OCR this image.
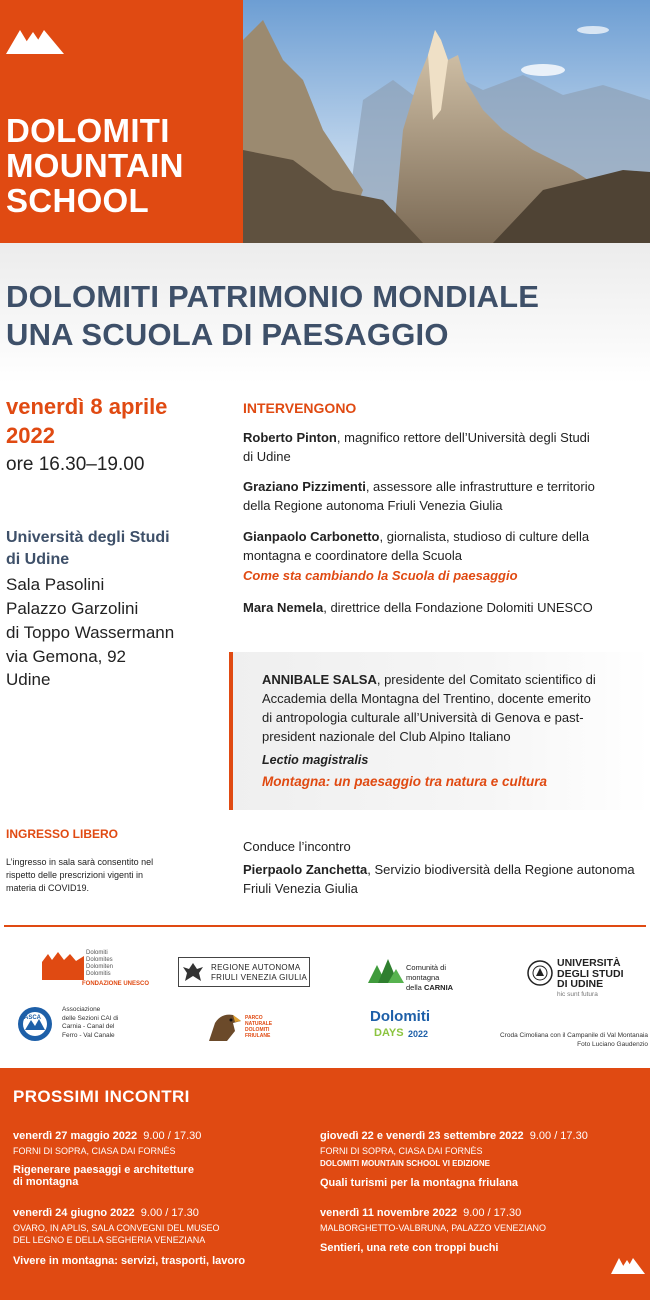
DOLOMITI
MOUNTAIN
SCHOOL
DOLOMITI PATRIMONIO MONDIALE
UNA SCUOLA DI PAESAGGIO
venerdì 8 aprile
2022
ore 16.30–19.00
Università degli Studi
di Udine
Sala Pasolini
Palazzo Garzolini
di Toppo Wassermann
via Gemona, 92
Udine
INTERVENGONO
Roberto Pinton, magnifico rettore dell’Università degli Studi
di Udine
Graziano Pizzimenti, assessore alle infrastrutture e territorio
della Regione autonoma Friuli Venezia Giulia
Gianpaolo Carbonetto, giornalista, studioso di culture della
montagna e coordinatore della Scuola
Come sta cambiando la Scuola di paesaggio
Mara Nemela, direttrice della Fondazione Dolomiti UNESCO
ANNIBALE SALSA, presidente del Comitato scientifico di
Accademia della Montagna del Trentino, docente emerito
di antropologia culturale all’Università di Genova e past-
president nazionale del Club Alpino Italiano
Lectio magistralis
Montagna: un paesaggio tra natura e cultura
INGRESSO LIBERO
L’ingresso in sala sarà consentito nel
rispetto delle prescrizioni vigenti in
materia di COVID19.
Conduce l’incontro
Pierpaolo Zanchetta, Servizio biodiversità della Regione autonoma
Friuli Venezia Giulia
Dolomiti
Dolomites
Dolomiten
Dolomitis
FONDAZIONE UNESCO
REGIONE AUTONOMA
FRIULI VENEZIA GIULIA
Comunità di montagna
della CARNIA
UNIVERSITÀ
DEGLI STUDI
DI UDINE
hic sunt futura
ASCA
Associazione
delle Sezioni CAI di
Carnia - Canal del
Ferro - Val Canale
PARCO
NATURALE
DOLOMITI
FRIULANE
Dolomiti
DAYS 2022	Croda Cimoliana con il Campanile di Val Montanaia
Foto Luciano Gaudenzio
PROSSIMI INCONTRI
venerdì 27 maggio 2022 9.00 / 17.30
FORNI DI SOPRA, CIASA DAI FORNÈS
Rigenerare paesaggi e architetture
di montagna
venerdì 24 giugno 2022 9.00 / 17.30
OVARO, IN APLIS, SALA CONVEGNI DEL MUSEO
DEL LEGNO E DELLA SEGHERIA VENEZIANA
Vivere in montagna: servizi, trasporti, lavoro
giovedì 22 e venerdì 23 settembre 2022 9.00 / 17.30
FORNI DI SOPRA, CIASA DAI FORNÈS
DOLOMITI MOUNTAIN SCHOOL VI EDIZIONE
Quali turismi per la montagna friulana
venerdì 11 novembre 2022 9.00 / 17.30
MALBORGHETTO-VALBRUNA, PALAZZO VENEZIANO
Sentieri, una rete con troppi buchi
